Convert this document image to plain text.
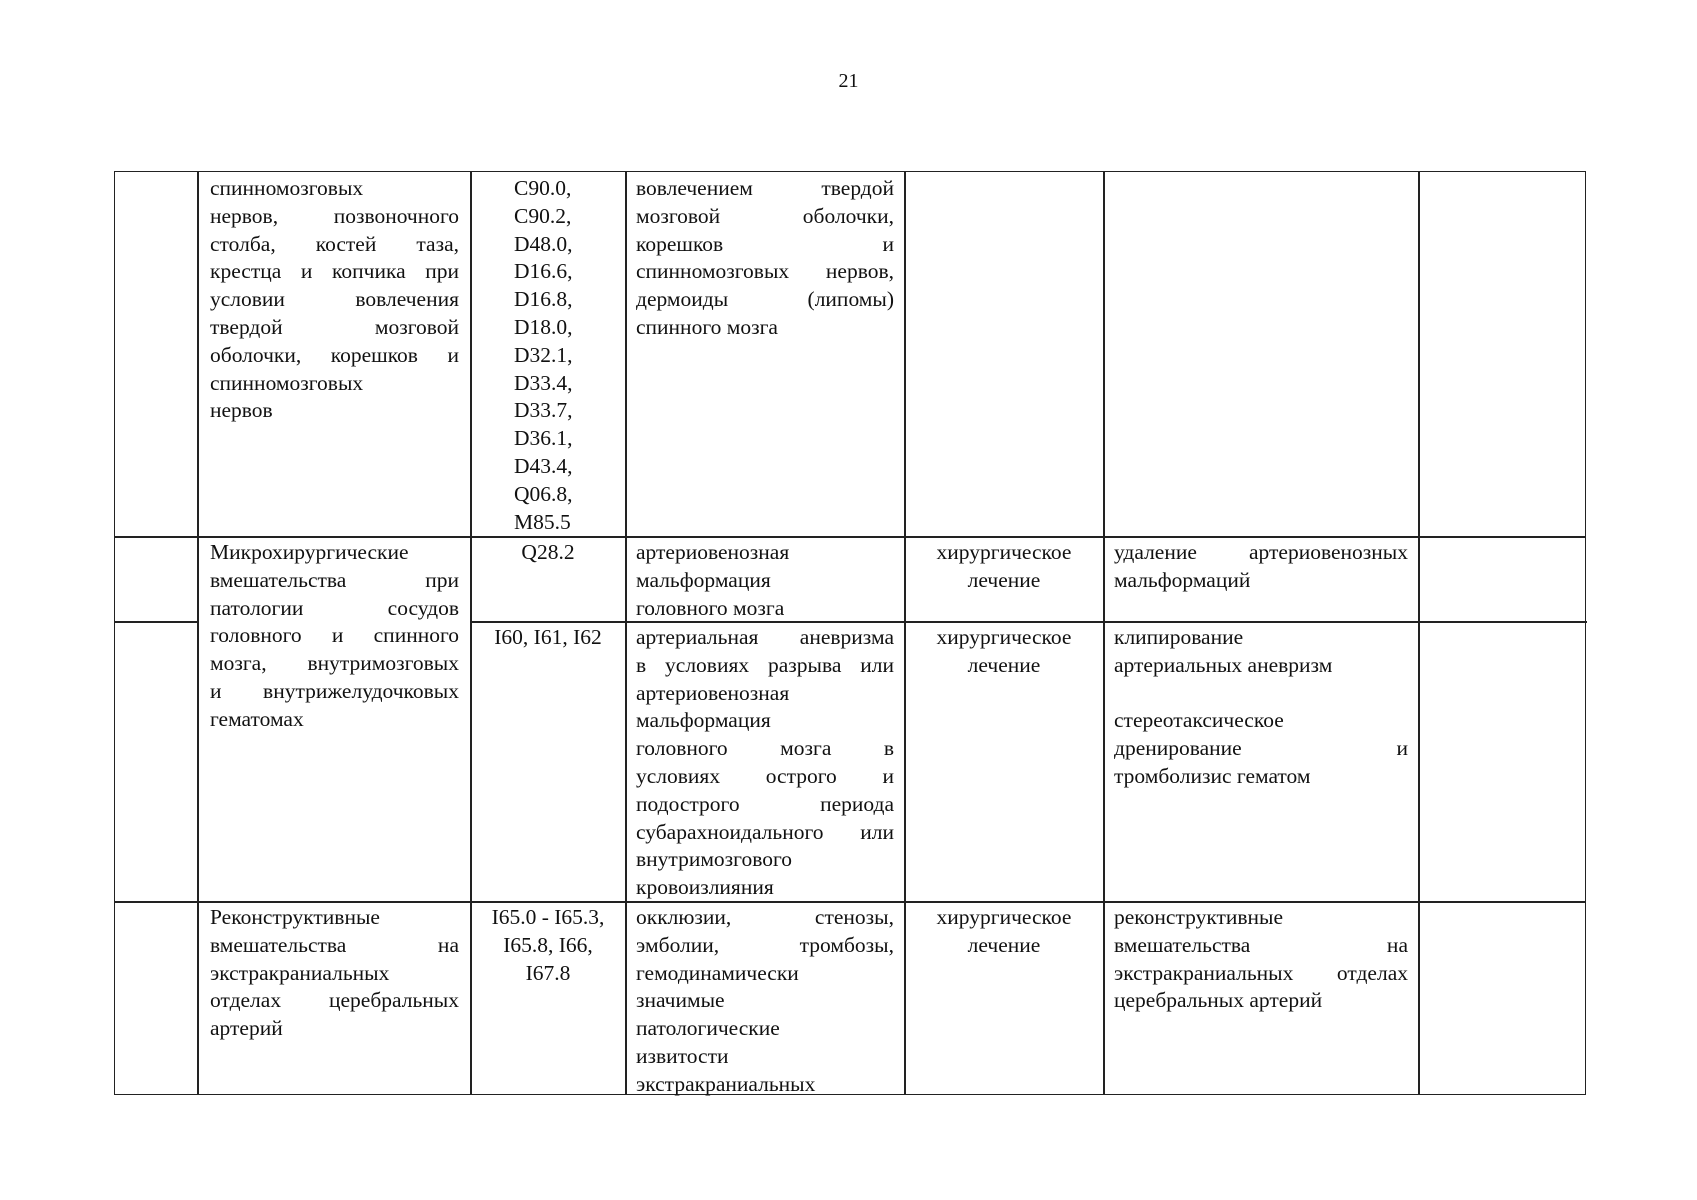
21
спинномозговых
нервов, позвоночного
столба, костей таза,
крестца и копчика при
условии вовлечения
твердой мозговой
оболочки, корешков и
спинномозговых
нервов
C90.0,
C90.2,
D48.0,
D16.6,
D16.8,
D18.0,
D32.1,
D33.4,
D33.7,
D36.1,
D43.4,
Q06.8,
M85.5
вовлечением твердой
мозговой оболочки,
корешков и
спинномозговых нервов,
дермоиды (липомы)
спинного мозга
Микрохирургические
вмешательства при
патологии сосудов
головного и спинного
мозга, внутримозговых
и внутрижелудочковых
гематомах
Q28.2	артериовенозная
мальформация
головного мозга
хирургическое
лечение
удаление артериовенозных
мальформаций
I60, I61, I62	артериальная аневризма
в условиях разрыва или
артериовенозная
мальформация
головного мозга в
условиях острого и
подострого периода
субарахноидального или
внутримозгового
кровоизлияния
хирургическое
лечение
клипирование
артериальных аневризм
стереотаксическое
дренирование и
тромболизис гематом
Реконструктивные
вмешательства на
экстракраниальных
отделах церебральных
артерий
I65.0 - I65.3,
I65.8, I66,
I67.8
окклюзии, стенозы,
эмболии, тромбозы,
гемодинамически
значимые
патологические
извитости
экстракраниальных
хирургическое
лечение
реконструктивные
вмешательства на
экстракраниальных отделах
церебральных артерий
